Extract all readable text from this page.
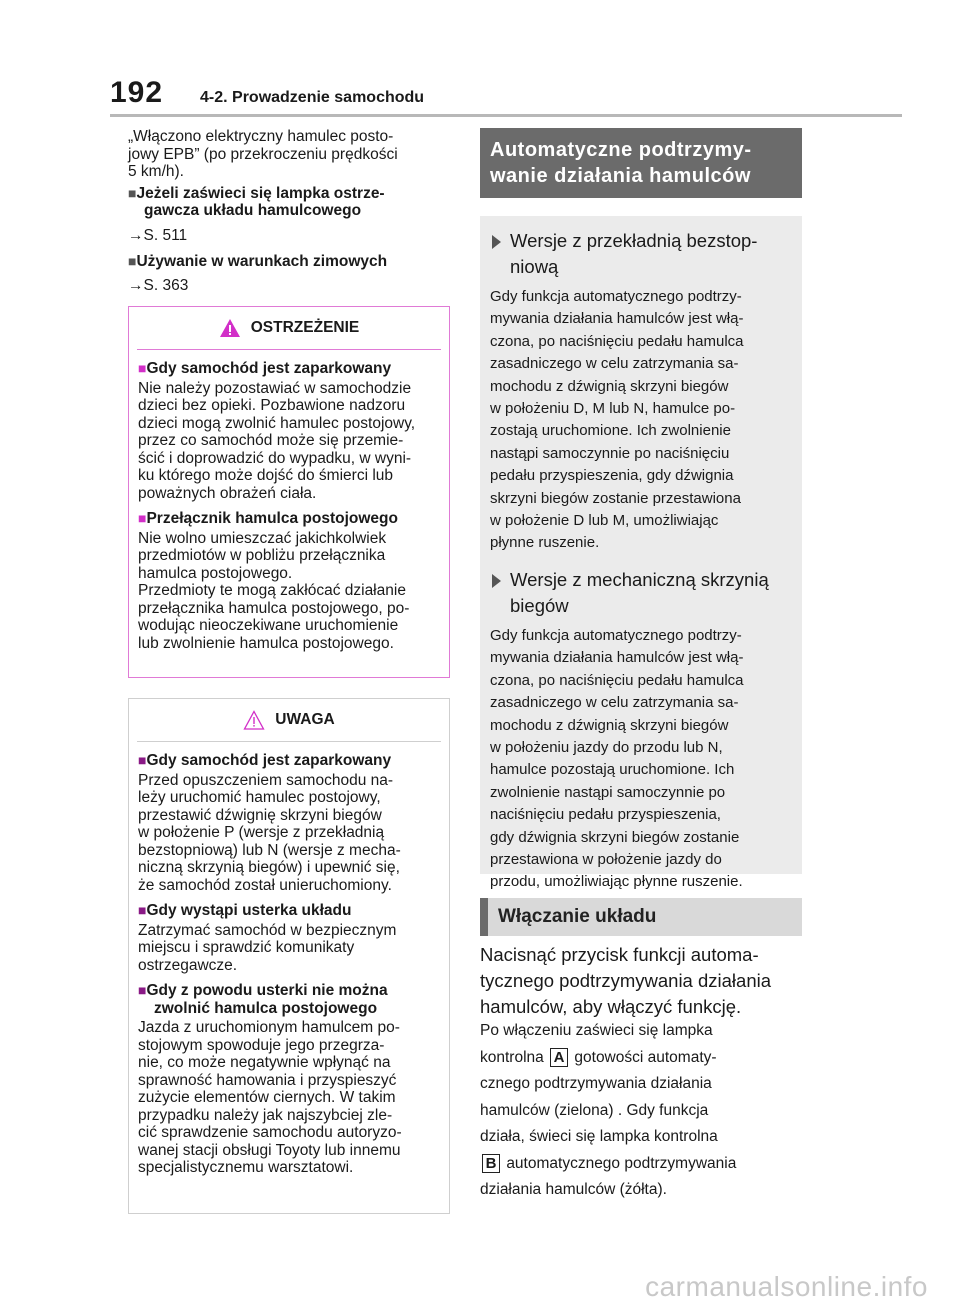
192	4-2. Prowadzenie samochodu
„Włączono elektryczny hamulec posto-
jowy EPB” (po przekroczeniu prędkości
5 km/h).
■Jeżeli zaświeci się lampka ostrze-
gawcza układu hamulcowego
→S. 511
■Używanie w warunkach zimowych
→S. 363
OSTRZEŻENIE
■Gdy samochód jest zaparkowany
Nie należy pozostawiać w samochodzie
dzieci bez opieki. Pozbawione nadzoru
dzieci mogą zwolnić hamulec postojowy,
przez co samochód może się przemie-
ścić i doprowadzić do wypadku, w wyni-
ku którego może dojść do śmierci lub
poważnych obrażeń ciała.
■Przełącznik hamulca postojowego
Nie wolno umieszczać jakichkolwiek
przedmiotów w pobliżu przełącznika
hamulca postojowego.
Przedmioty te mogą zakłócać działanie
przełącznika hamulca postojowego, po-
wodując nieoczekiwane uruchomienie
lub zwolnienie hamulca postojowego.
UWAGA
■Gdy samochód jest zaparkowany
Przed opuszczeniem samochodu na-
leży uruchomić hamulec postojowy,
przestawić dźwignię skrzyni biegów
w położenie P (wersje z przekładnią
bezstopniową) lub N (wersje z mecha-
niczną skrzynią biegów) i upewnić się,
że samochód został unieruchomiony.
■Gdy wystąpi usterka układu
Zatrzymać samochód w bezpiecznym
miejscu i sprawdzić komunikaty
ostrzegawcze.
■Gdy z powodu usterki nie można
zwolnić hamulca postojowego
Jazda z uruchomionym hamulcem po-
stojowym spowoduje jego przegrza-
nie, co może negatywnie wpłynąć na
sprawność hamowania i przyspieszyć
zużycie elementów ciernych. W takim
przypadku należy jak najszybciej zle-
cić sprawdzenie samochodu autoryzo-
wanej stacji obsługi Toyoty lub innemu
specjalistycznemu warsztatowi.
Automatyczne podtrzymy-
wanie działania hamulców
Wersje z przekładnią bezstop-
niową
Gdy funkcja automatycznego podtrzy-
mywania działania hamulców jest włą-
czona, po naciśnięciu pedału hamulca
zasadniczego w celu zatrzymania sa-
mochodu z dźwignią skrzyni biegów
w położeniu D, M lub N, hamulce po-
zostają uruchomione. Ich zwolnienie
nastąpi samoczynnie po naciśnięciu
pedału przyspieszenia, gdy dźwignia
skrzyni biegów zostanie przestawiona
w położenie D lub M, umożliwiając
płynne ruszenie.
Wersje z mechaniczną skrzynią
biegów
Gdy funkcja automatycznego podtrzy-
mywania działania hamulców jest włą-
czona, po naciśnięciu pedału hamulca
zasadniczego w celu zatrzymania sa-
mochodu z dźwignią skrzyni biegów
w położeniu jazdy do przodu lub N,
hamulce pozostają uruchomione. Ich
zwolnienie nastąpi samoczynnie po
naciśnięciu pedału przyspieszenia,
gdy dźwignia skrzyni biegów zostanie
przestawiona w położenie jazdy do
przodu, umożliwiając płynne ruszenie.
Włączanie układu
Nacisnąć przycisk funkcji automa-
tycznego podtrzymywania działania
hamulców, aby włączyć funkcję.
Po włączeniu zaświeci się lampka
kontrolna A gotowości automaty-
cznego podtrzymywania działania
hamulców (zielona) . Gdy funkcja
działa, świeci się lampka kontrolna
B automatycznego podtrzymywania
działania hamulców (żółta).
carmanualsonline.info
